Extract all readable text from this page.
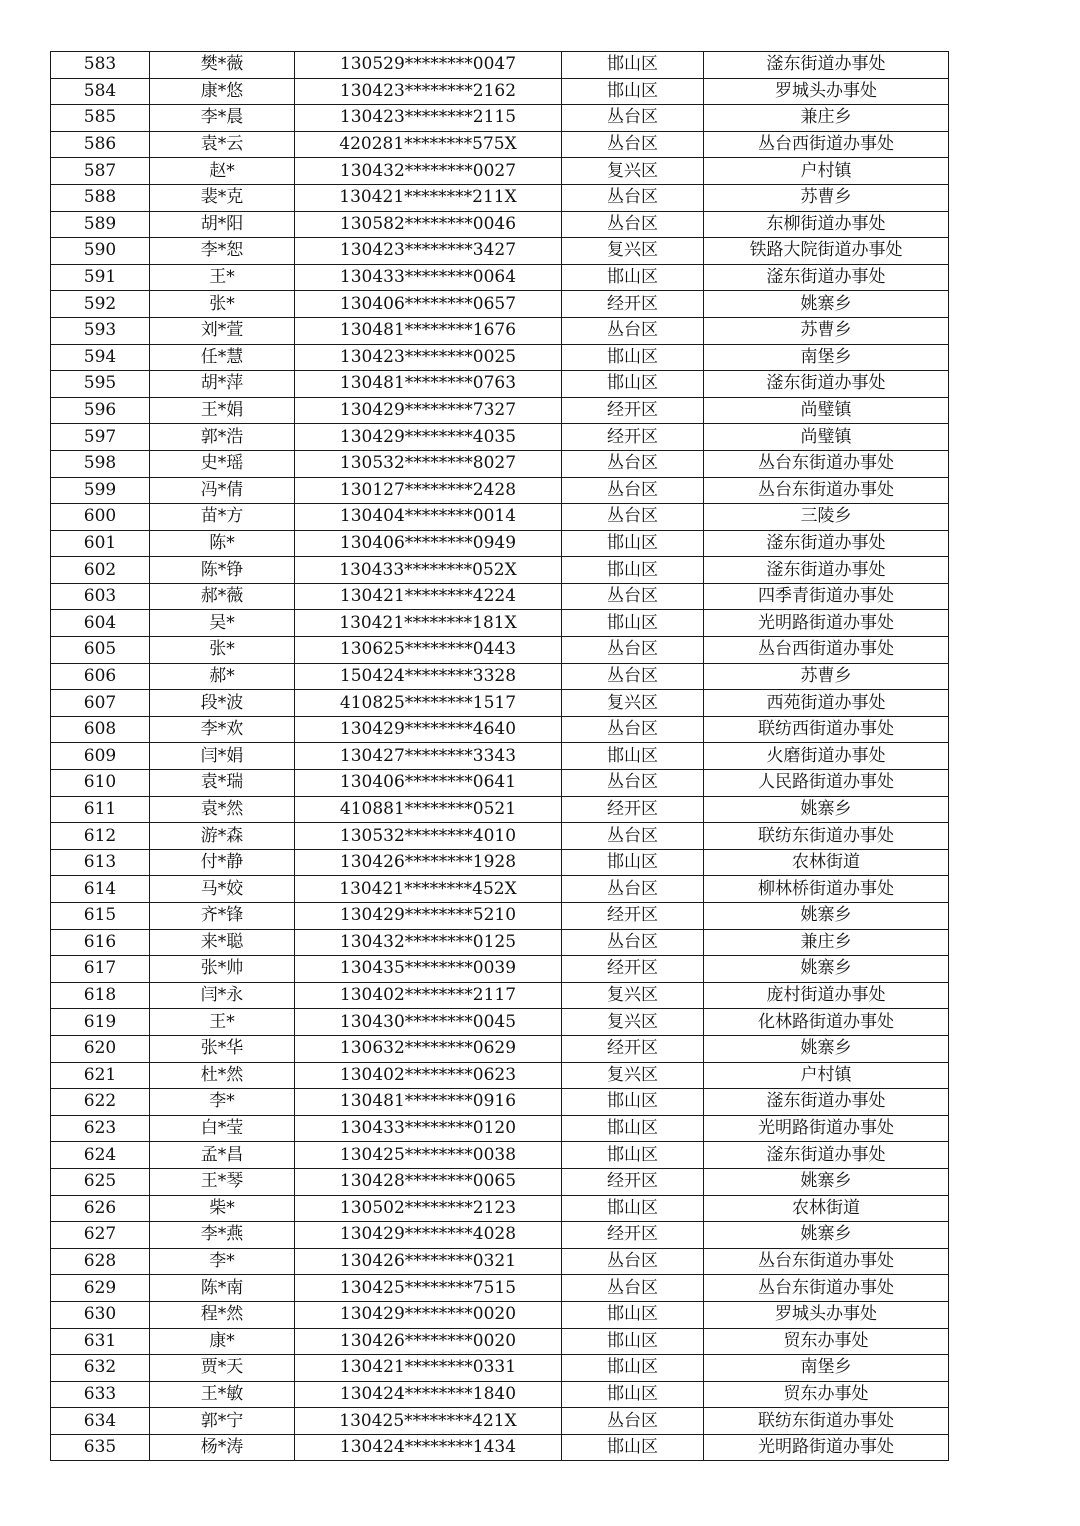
583	樊*薇	130529********0047	邯山区	滏东街道办事处
584	康*悠	130423********2162	邯山区	罗城头办事处
585	李*晨	130423********2115	丛台区	兼庄乡
586	袁*云	420281********575X	丛台区	丛台西街道办事处
587	赵*	130432********0027	复兴区	户村镇
588	裴*克	130421********211X	丛台区	苏曹乡
589	胡*阳	130582********0046	丛台区	东柳街道办事处
590	李*恕	130423********3427	复兴区	铁路大院街道办事处
591	王*	130433********0064	邯山区	滏东街道办事处
592	张*	130406********0657	经开区	姚寨乡
593	刘*萱	130481********1676	丛台区	苏曹乡
594	任*慧	130423********0025	邯山区	南堡乡
595	胡*萍	130481********0763	邯山区	滏东街道办事处
596	王*娟	130429********7327	经开区	尚璧镇
597	郭*浩	130429********4035	经开区	尚璧镇
598	史*瑶	130532********8027	丛台区	丛台东街道办事处
599	冯*倩	130127********2428	丛台区	丛台东街道办事处
600	苗*方	130404********0014	丛台区	三陵乡
601	陈*	130406********0949	邯山区	滏东街道办事处
602	陈*铮	130433********052X	邯山区	滏东街道办事处
603	郝*薇	130421********4224	丛台区	四季青街道办事处
604	吴*	130421********181X	邯山区	光明路街道办事处
605	张*	130625********0443	丛台区	丛台西街道办事处
606	郝*	150424********3328	丛台区	苏曹乡
607	段*波	410825********1517	复兴区	西苑街道办事处
608	李*欢	130429********4640	丛台区	联纺西街道办事处
609	闫*娟	130427********3343	邯山区	火磨街道办事处
610	袁*瑞	130406********0641	丛台区	人民路街道办事处
611	袁*然	410881********0521	经开区	姚寨乡
612	游*森	130532********4010	丛台区	联纺东街道办事处
613	付*静	130426********1928	邯山区	农林街道
614	马*姣	130421********452X	丛台区	柳林桥街道办事处
615	齐*锋	130429********5210	经开区	姚寨乡
616	来*聪	130432********0125	丛台区	兼庄乡
617	张*帅	130435********0039	经开区	姚寨乡
618	闫*永	130402********2117	复兴区	庞村街道办事处
619	王*	130430********0045	复兴区	化林路街道办事处
620	张*华	130632********0629	经开区	姚寨乡
621	杜*然	130402********0623	复兴区	户村镇
622	李*	130481********0916	邯山区	滏东街道办事处
623	白*莹	130433********0120	邯山区	光明路街道办事处
624	孟*昌	130425********0038	邯山区	滏东街道办事处
625	王*琴	130428********0065	经开区	姚寨乡
626	柴*	130502********2123	邯山区	农林街道
627	李*燕	130429********4028	经开区	姚寨乡
628	李*	130426********0321	丛台区	丛台东街道办事处
629	陈*南	130425********7515	丛台区	丛台东街道办事处
630	程*然	130429********0020	邯山区	罗城头办事处
631	康*	130426********0020	邯山区	贸东办事处
632	贾*天	130421********0331	邯山区	南堡乡
633	王*敏	130424********1840	邯山区	贸东办事处
634	郭*宁	130425********421X	丛台区	联纺东街道办事处
635	杨*涛	130424********1434	邯山区	光明路街道办事处
